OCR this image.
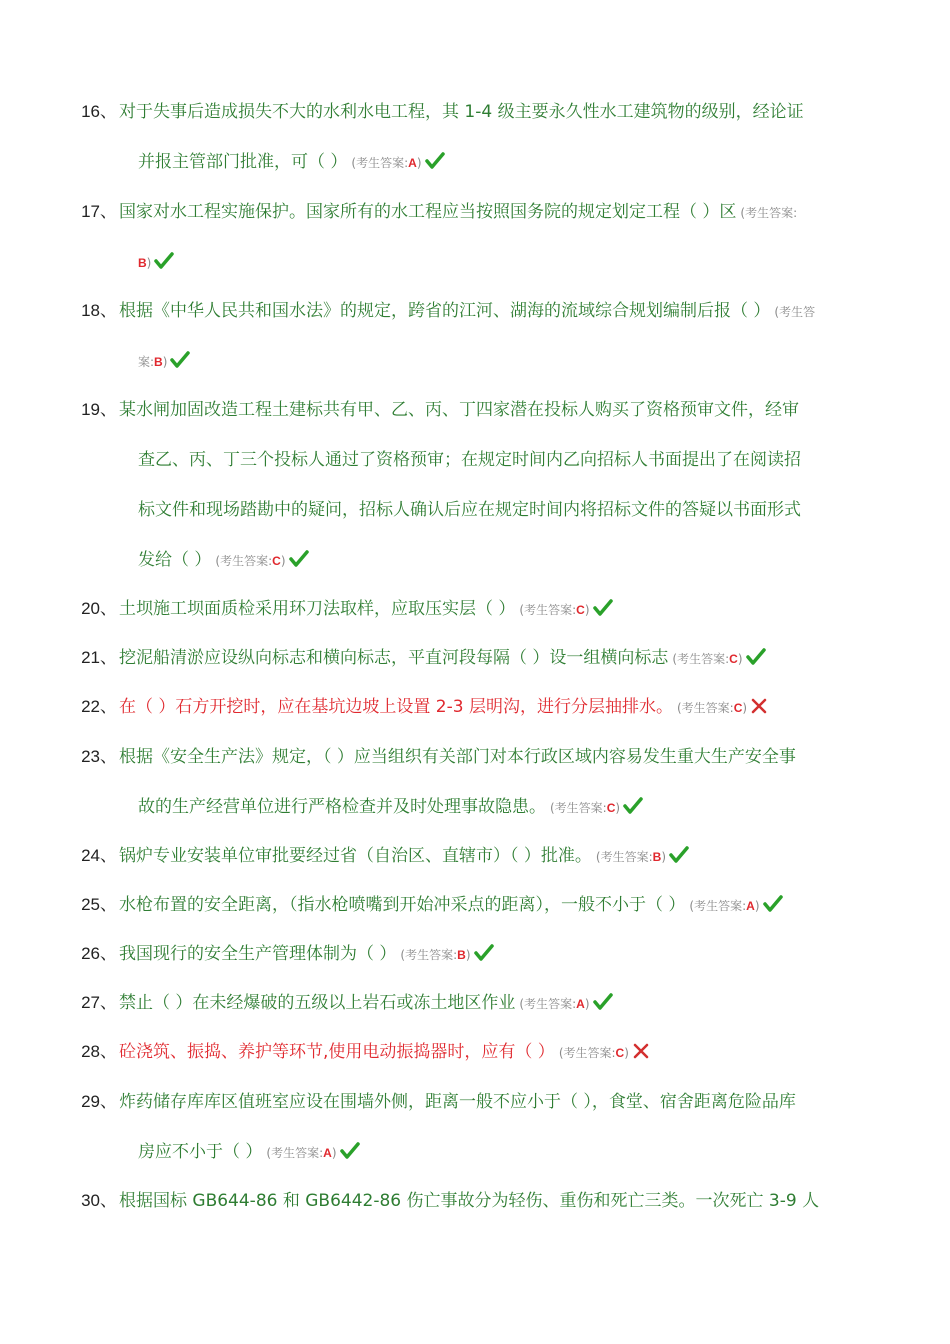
16、 对于失事后造成损失不大的水利水电工程，其 1-4 级主要永久性水工建筑物的级别，经论证
并报主管部门批准，可（ ） (考生答案:A)
17、 国家对水工程实施保护。国家所有的水工程应当按照国务院的规定划定工程（ ）区 (考生答案:
B)
18、 根据《中华人民共和国水法》的规定，跨省的江河、湖海的流域综合规划编制后报（ ） (考生答
案:B)
19、 某水闸加固改造工程土建标共有甲、乙、丙、丁四家潜在投标人购买了资格预审文件，经审
查乙、丙、丁三个投标人通过了资格预审；在规定时间内乙向招标人书面提出了在阅读招
标文件和现场踏勘中的疑问，招标人确认后应在规定时间内将招标文件的答疑以书面形式
发给（ ） (考生答案:C)
20、 土坝施工坝面质检采用环刀法取样，应取压实层（ ） (考生答案:C)
21、 挖泥船清淤应设纵向标志和横向标志，平直河段每隔（ ）设一组横向标志 (考生答案:C)
22、 在（ ）石方开挖时，应在基坑边坡上设置 2-3 层明沟，进行分层抽排水。 (考生答案:C)
23、 根据《安全生产法》规定，（ ）应当组织有关部门对本行政区域内容易发生重大生产安全事
故的生产经营单位进行严格检查并及时处理事故隐患。 (考生答案:C)
24、 锅炉专业安装单位审批要经过省（自治区、直辖市）（ ）批准。 (考生答案:B)
25、 水枪布置的安全距离，（指水枪喷嘴到开始冲采点的距离），一般不小于（ ） (考生答案:A)
26、 我国现行的安全生产管理体制为（ ） (考生答案:B)
27、 禁止（ ）在未经爆破的五级以上岩石或冻土地区作业 (考生答案:A)
28、 砼浇筑、振捣、养护等环节,使用电动振捣器时，应有（ ） (考生答案:C)
29、 炸药储存库库区值班室应设在围墙外侧，距离一般不应小于（ ），食堂、宿舍距离危险品库
房应不小于（ ） (考生答案:A)
30、 根据国标 GB644-86 和 GB6442-86 伤亡事故分为轻伤、重伤和死亡三类。一次死亡 3-9 人
